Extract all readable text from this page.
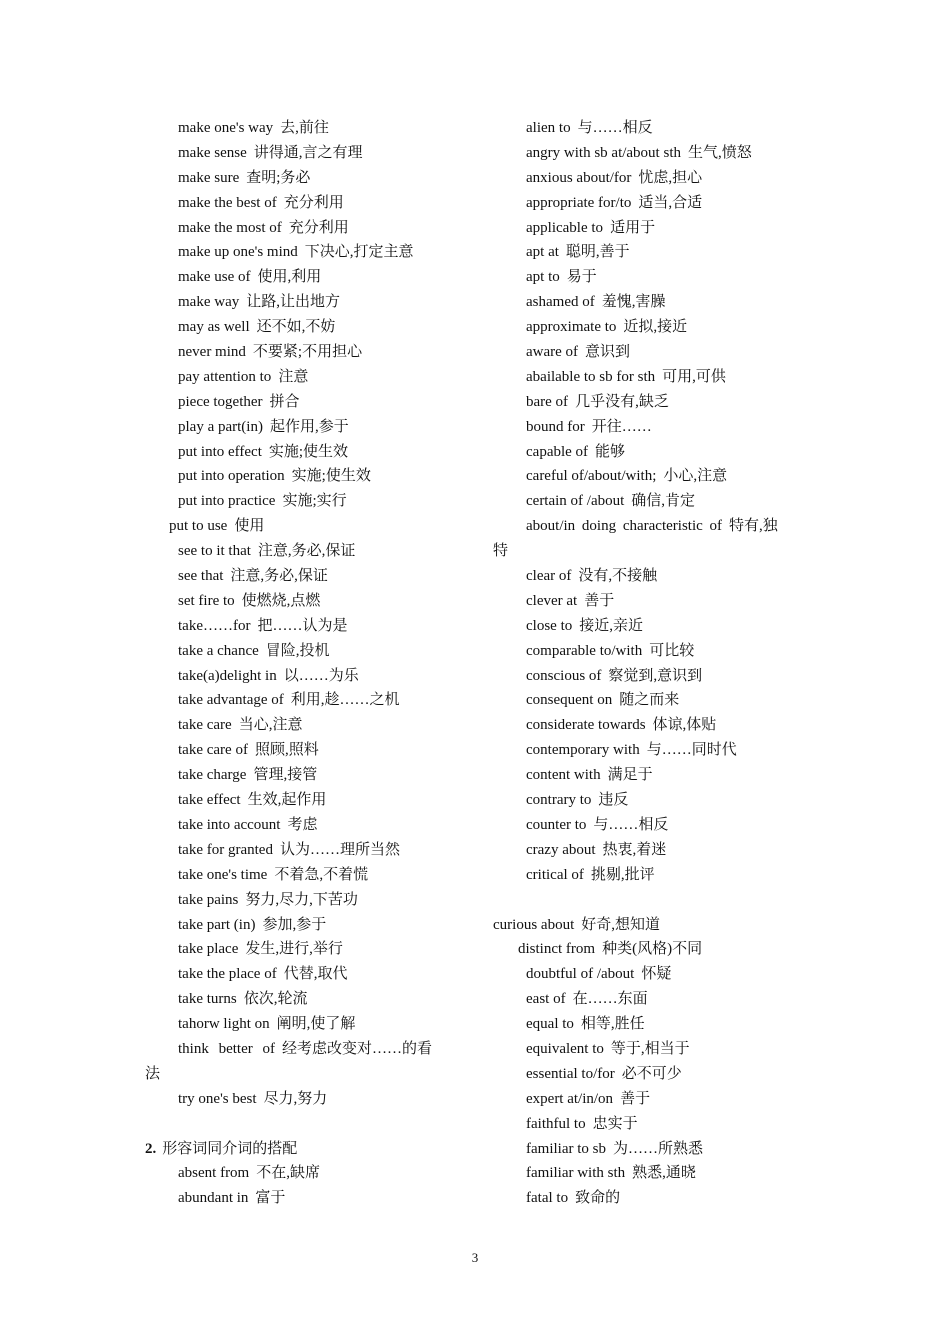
make one's way 去,前往
make sense 讲得通,言之有理
make sure 查明;务必
make the best of 充分利用
make the most of 充分利用
make up one's mind 下决心,打定主意
make use of 使用,利用
make way 让路,让出地方
may as well 还不如,不妨
never mind 不要紧;不用担心
pay attention to 注意
piece together 拼合
play a part(in) 起作用,参于
put into effect 实施;使生效
put into operation 实施;使生效
put into practice 实施;实行
put to use 使用
see to it that 注意,务必,保证
see that 注意,务必,保证
set fire to 使燃烧,点燃
take……for 把……认为是
take a chance 冒险,投机
take(a)delight in 以……为乐
take advantage of 利用,趁……之机
take care 当心,注意
take care of 照顾,照料
take charge 管理,接管
take effect 生效,起作用
take into account 考虑
take for granted 认为……理所当然
take one's time 不着急,不着慌
take pains 努力,尽力,下苦功
take part (in) 参加,参于
take place 发生,进行,举行
take the place of 代替,取代
take turns 依次,轮流
tahorw light on 阐明,使了解
think better of 经考虑改变对……的看
法
try one's best 尽力,努力
2. 形容词同介词的搭配
absent from 不在,缺席
abundant in 富于
alien to 与……相反
angry with sb at/about sth 生气,愤怒
anxious about/for 忧虑,担心
appropriate for/to 适当,合适
applicable to 适用于
apt at 聪明,善于
apt to 易于
ashamed of 羞愧,害臊
approximate to 近拟,接近
aware of 意识到
abailable to sb for sth 可用,可供
bare of 几乎没有,缺乏
bound for 开往……
capable of 能够
careful of/about/with; 小心,注意
certain of /about 确信,肯定
about/in doing characteristic of 特有,独
特
clear of 没有,不接触
clever at 善于
close to 接近,亲近
comparable to/with 可比较
conscious of 察觉到,意识到
consequent on 随之而来
considerate towards 体谅,体贴
contemporary with 与……同时代
content with 满足于
contrary to 违反
counter to 与……相反
crazy about 热衷,着迷
critical of 挑剔,批评
curious about 好奇,想知道
distinct from 种类(风格)不同
doubtful of /about 怀疑
east of 在……东面
equal to 相等,胜任
equivalent to 等于,相当于
essential to/for 必不可少
expert at/in/on 善于
faithful to 忠实于
familiar to sb 为……所熟悉
familiar with sth 熟悉,通晓
fatal to 致命的
3
